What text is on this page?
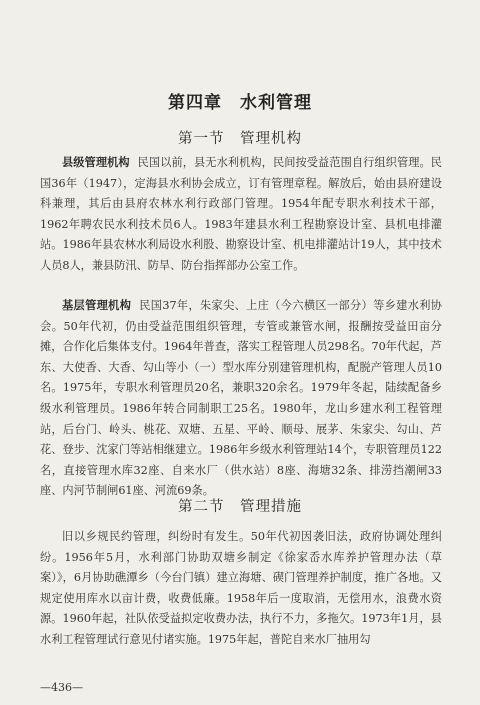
第四章　水利管理
第一节　管理机构

县级管理机构 民国以前，县无水利机构，民间按受益范围自行组织管理。民国36年（1947），定海县水利协会成立，订有管理章程。解放后，始由县府建设科兼理，其后由县府农林水利行政部门管理。1954年配专职水利技术干部，1962年聘农民水利技术员6人。1983年建县水利工程勘察设计室、县机电排灌站。1986年县农林水利局设水利股、勘察设计室、机电排灌站计19人，其中技术人员8人，兼县防汛、防旱、防台指挥部办公室工作。

基层管理机构 民国37年，朱家尖、上庄（今六横区一部分）等乡建水利协会。50年代初，仍由受益范围组织管理，专管或兼管水闸，报酬按受益田亩分摊，合作化后集体支付。1964年普查，落实工程管理人员298名。70年代起，芦东、大使香、大香、勾山等小（一）型水库分别建管理机构，配脱产管理人员10名。1975年，专职水利管理员20名，兼职320余名。1979年冬起，陆续配备乡级水利管理员。1986年转合同制职工25名。1980年，龙山乡建水利工程管理站，后台门、岭头、桃花、双塘、五星、平岭、顺母、展茅、朱家尖、勾山、芦花、登步、沈家门等站相继建立。1986年乡级水利管理站14个，专职管理员122名，直接管理水库32座、自来水厂（供水站）8座、海塘32条、排涝挡潮闸33座、内河节制闸61座、河流69条。

第二节　管理措施

旧以乡规民约管理，纠纷时有发生。50年代初因袭旧法，政府协调处理纠纷。1956年5月，水利部门协助双塘乡制定《徐家岙水库养护管理办法（草案）》，6月协助礁潭乡（今台门镇）建立海塘、碶门管理养护制度，推广各地。又规定使用库水以亩计费，收费低廉。1958年后一度取消，无偿用水，浪费水资源。1960年起，社队依受益拟定收费办法，执行不力，多拖欠。1973年1月，县水利工程管理试行意见付诸实施。1975年起，普陀自来水厂抽用勾

—436—
